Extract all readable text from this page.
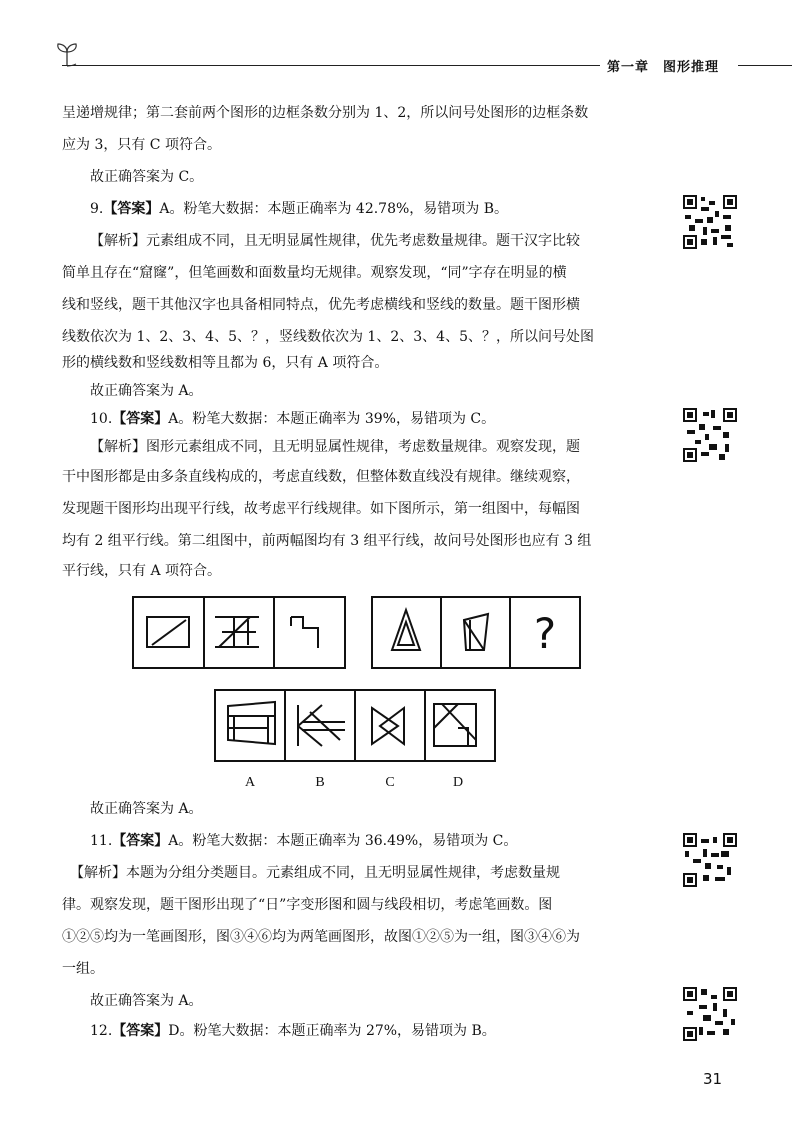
第一章 图形推理
呈递增规律；第二套前两个图形的边框条数分别为 1、2，所以问号处图形的边框条数
应为 3，只有 C 项符合。
故正确答案为 C。
9.【答案】A。粉笔大数据：本题正确率为 42.78%，易错项为 B。
【解析】元素组成不同，且无明显属性规律，优先考虑数量规律。题干汉字比较
简单且存在“窟窿”，但笔画数和面数量均无规律。观察发现，“同”字存在明显的横
线和竖线，题干其他汉字也具备相同特点，优先考虑横线和竖线的数量。题干图形横
线数依次为 1、2、3、4、5、？，竖线数依次为 1、2、3、4、5、？，所以问号处图
形的横线数和竖线数相等且都为 6，只有 A 项符合。
故正确答案为 A。
10.【答案】A。粉笔大数据：本题正确率为 39%，易错项为 C。
【解析】图形元素组成不同，且无明显属性规律，考虑数量规律。观察发现，题
干中图形都是由多条直线构成的，考虑直线数，但整体数直线没有规律。继续观察，
发现题干图形均出现平行线，故考虑平行线规律。如下图所示，第一组图中，每幅图
均有 2 组平行线。第二组图中，前两幅图均有 3 组平行线，故问号处图形也应有 3 组
平行线，只有 A 项符合。
?
A	B	C	D
故正确答案为 A。
11.【答案】A。粉笔大数据：本题正确率为 36.49%，易错项为 C。
【解析】本题为分组分类题目。元素组成不同，且无明显属性规律，考虑数量规
律。观察发现，题干图形出现了“日”字变形图和圆与线段相切，考虑笔画数。图
①②⑤均为一笔画图形，图③④⑥均为两笔画图形，故图①②⑤为一组，图③④⑥为
一组。
故正确答案为 A。
12.【答案】D。粉笔大数据：本题正确率为 27%，易错项为 B。
31
